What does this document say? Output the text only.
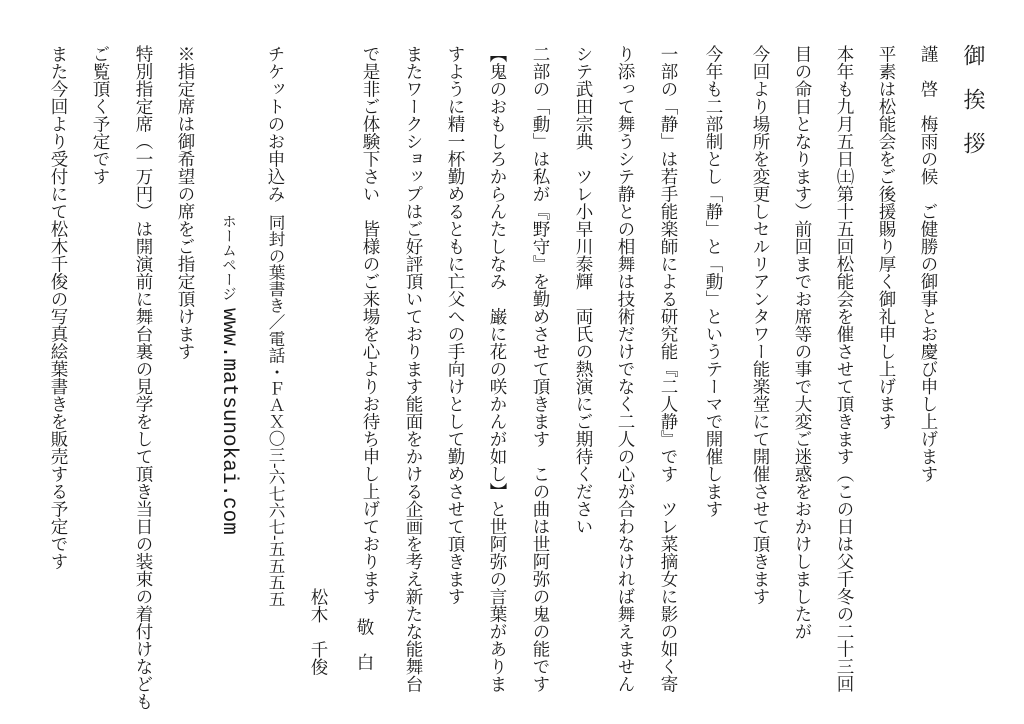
御　挨　拶
謹　啓　梅雨の候　ご健勝の御事とお慶び申し上げます
平素は松能会をご後援賜り厚く御礼申し上げます
本年も九月五日㈯第十五回松能会を催させて頂きます（この日は父千冬の二十三回
目の命日となります）前回までお席等の事で大変ご迷惑をおかけしましたが
今回より場所を変更しセルリアンタワー能楽堂にて開催させて頂きます
今年も二部制とし「静」と「動」というテーマで開催します
一部の「静」は若手能楽師による研究能『二人静』です　ツレ菜摘女に影の如く寄
り添って舞うシテ静との相舞は技術だけでなく二人の心が合わなければ舞えません
シテ武田宗典　ツレ小早川泰輝　両氏の熱演にご期待ください
二部の「動」は私が『野守』を勤めさせて頂きます　この曲は世阿弥の鬼の能です
【鬼のおもしろからんたしなみ　巌に花の咲かんが如し】と世阿弥の言葉がありま
すように精一杯勤めるともに亡父への手向けとして勤めさせて頂きます
またワークショップはご好評頂いております能面をかける企画を考え新たな能舞台
で是非ご体験下さい　皆様のご来場を心よりお待ち申し上げております
敬　白
松木　千俊
チケットのお申込み
同封の葉書き／電話・ＦＡＸ〇三‐六七六七‐五五五五
ホームページ
www.matsunokai.com
※指定席は御希望の席をご指定頂けます
特別指定席（一万円）は開演前に舞台裏の見学をして頂き当日の装束の着付けなども
ご覧頂く予定です
また今回より受付にて松木千俊の写真絵葉書きを販売する予定です
